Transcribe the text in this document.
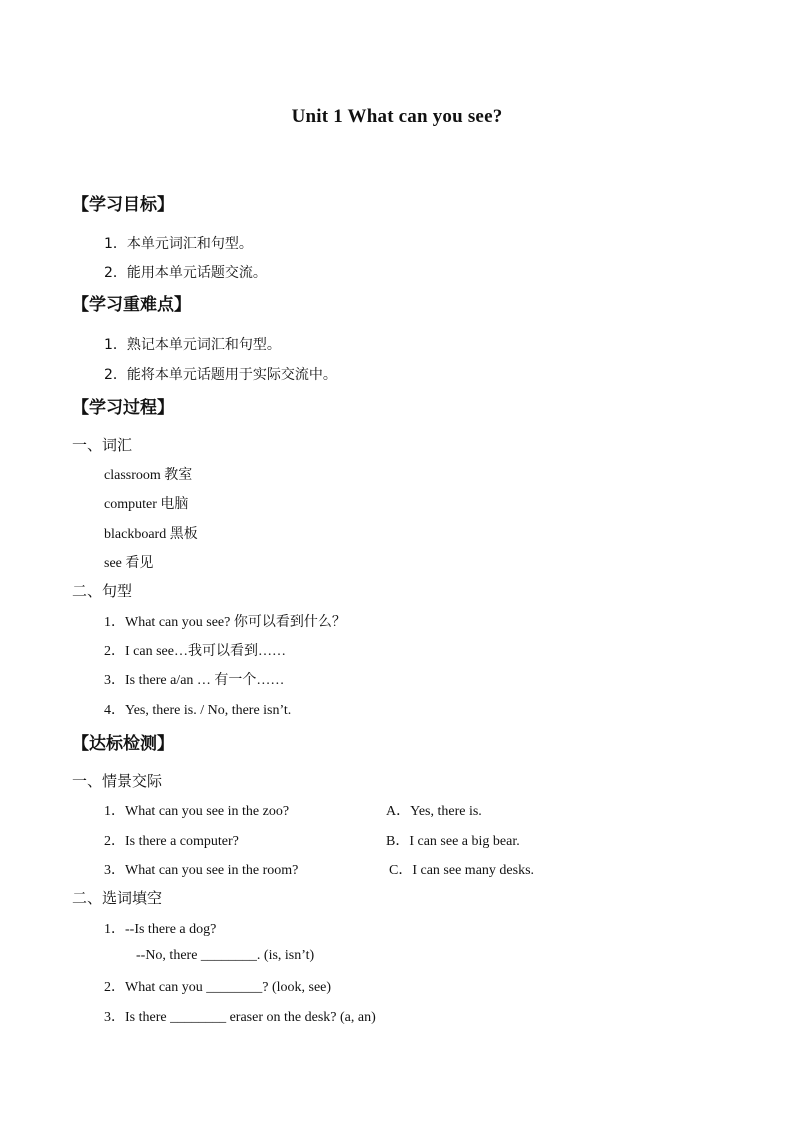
Unit 1 What can you see?
【学习目标】
1．本单元词汇和句型。
2．能用本单元话题交流。
【学习重难点】
1．熟记本单元词汇和句型。
2．能将本单元话题用于实际交流中。
【学习过程】
一、词汇
classroom 教室
computer 电脑
blackboard 黑板
see 看见
二、句型
1．What can you see? 你可以看到什么？
2．I can see…我可以看到……
3．Is there a/an … 有一个……
4．Yes, there is. / No, there isn’t.
【达标检测】
一、情景交际
1．What can you see in the zoo?	A．Yes, there is.
2．Is there a computer?	B．I can see a big bear.
3．What can you see in the room?	C．I can see many desks.
二、选词填空
1．--Is there a dog?
--No, there ________. (is, isn’t)
2．What can you ________? (look, see)
3．Is there ________ eraser on the desk? (a, an)
